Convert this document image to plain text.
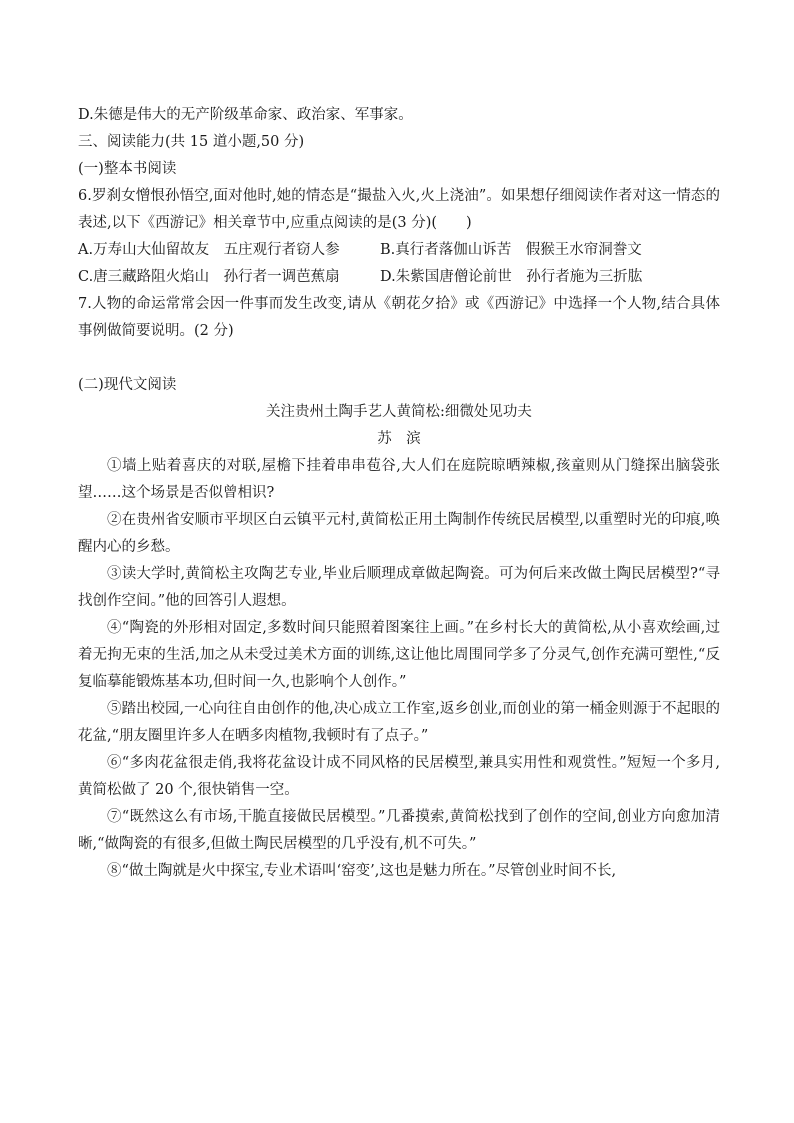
D.朱德是伟大的无产阶级革命家、政治家、军事家。

三、阅读能力(共 15 道小题,50 分)

(一)整本书阅读

6.罗刹女憎恨孙悟空,面对他时,她的情态是“撮盐入火,火上浇油”。如果想仔细阅读作者对这一情态的表述,以下《西游记》相关章节中,应重点阅读的是(3 分)(　　)

A.万寿山大仙留故友　五庄观行者窃人参	B.真行者落伽山诉苦　假猴王水帘洞誊文

C.唐三藏路阻火焰山　孙行者一调芭蕉扇	D.朱紫国唐僧论前世　孙行者施为三折肱

7.人物的命运常常会因一件事而发生改变,请从《朝花夕拾》或《西游记》中选择一个人物,结合具体事例做简要说明。(2 分)

(二)现代文阅读

关注贵州土陶手艺人黄简松:细微处见功夫

苏滨

①墙上贴着喜庆的对联,屋檐下挂着串串苞谷,大人们在庭院晾晒辣椒,孩童则从门缝探出脑袋张望……这个场景是否似曾相识?

②在贵州省安顺市平坝区白云镇平元村,黄简松正用土陶制作传统民居模型,以重塑时光的印痕,唤醒内心的乡愁。

③读大学时,黄简松主攻陶艺专业,毕业后顺理成章做起陶瓷。可为何后来改做土陶民居模型?“寻找创作空间。”他的回答引人遐想。

④“陶瓷的外形相对固定,多数时间只能照着图案往上画。”在乡村长大的黄简松,从小喜欢绘画,过着无拘无束的生活,加之从未受过美术方面的训练,这让他比周围同学多了分灵气,创作充满可塑性,“反复临摹能锻炼基本功,但时间一久,也影响个人创作。”

⑤踏出校园,一心向往自由创作的他,决心成立工作室,返乡创业,而创业的第一桶金则源于不起眼的花盆,“朋友圈里许多人在晒多肉植物,我顿时有了点子。”

⑥“多肉花盆很走俏,我将花盆设计成不同风格的民居模型,兼具实用性和观赏性。”短短一个多月,黄简松做了 20 个,很快销售一空。

⑦“既然这么有市场,干脆直接做民居模型。”几番摸索,黄简松找到了创作的空间,创业方向愈加清晰,“做陶瓷的有很多,但做土陶民居模型的几乎没有,机不可失。”

⑧“做土陶就是火中探宝,专业术语叫‘窑变’,这也是魅力所在。”尽管创业时间不长,
